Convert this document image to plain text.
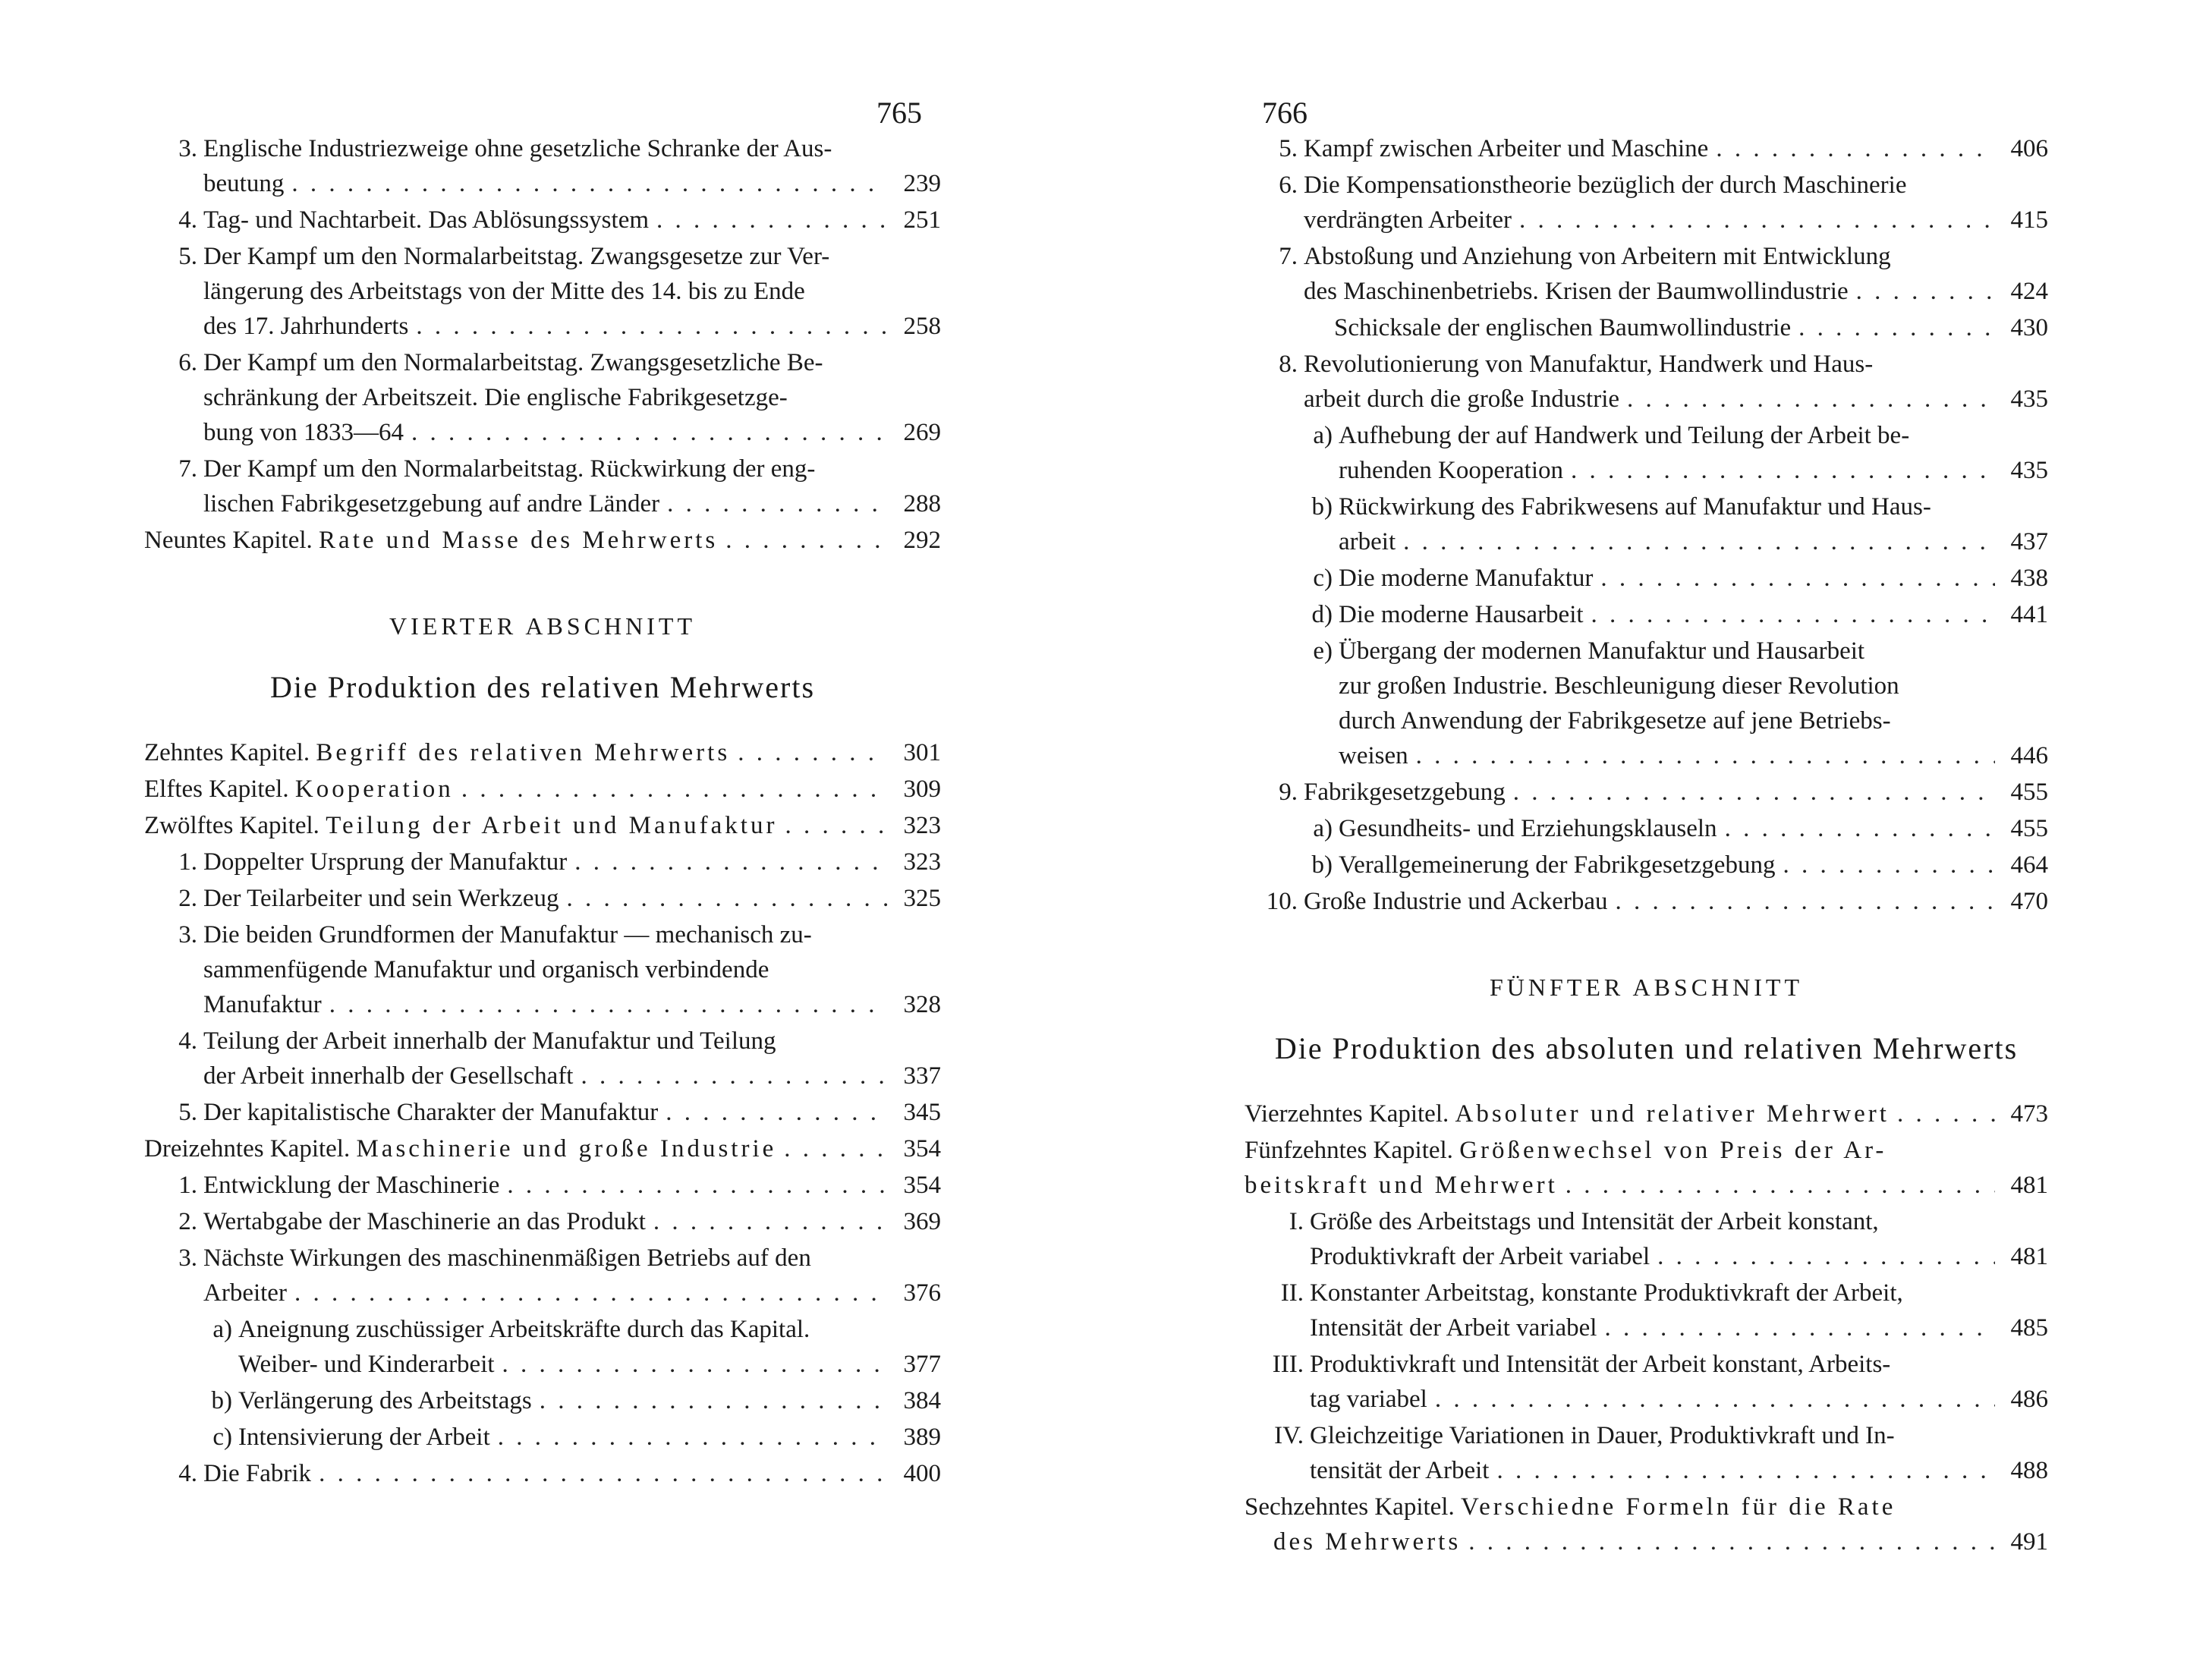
765
3. Englische Industriezweige ohne gesetzliche Schranke der Aus-
beutung . . .	239
4. Tag- und Nachtarbeit. Das Ablösungssystem . . .	251
5. Der Kampf um den Normalarbeitstag. Zwangsgesetze zur Ver-
längerung des Arbeitstags von der Mitte des 14. bis zu Ende
des 17. Jahrhunderts . . .	258
6. Der Kampf um den Normalarbeitstag. Zwangsgesetzliche Be-
schränkung der Arbeitszeit. Die englische Fabrikgesetzge-
bung von 1833—64 . . .	269
7. Der Kampf um den Normalarbeitstag. Rückwirkung der eng-
lischen Fabrikgesetzgebung auf andre Länder . . .	288
Neuntes Kapitel.
Rate und Masse des Mehrwerts . . .	292
VIERTER ABSCHNITT
Die Produktion des relativen Mehrwerts
Zehntes Kapitel.
Begriff des relativen Mehrwerts . . .	301
Elftes Kapitel.
Kooperation . . .	309
Zwölftes Kapitel.
Teilung der Arbeit und Manufaktur . . .	323
1. Doppelter Ursprung der Manufaktur . . .	323
2. Der Teilarbeiter und sein Werkzeug . . .	325
3. Die beiden Grundformen der Manufaktur — mechanisch zu-
sammenfügende Manufaktur und organisch verbindende
Manufaktur . . .	328
4. Teilung der Arbeit innerhalb der Manufaktur und Teilung
der Arbeit innerhalb der Gesellschaft . . .	337
5. Der kapitalistische Charakter der Manufaktur . . .	345
Dreizehntes Kapitel.
Maschinerie und große Industrie . . .	354
1. Entwicklung der Maschinerie . . .	354
2. Wertabgabe der Maschinerie an das Produkt . . .	369
3. Nächste Wirkungen des maschinenmäßigen Betriebs auf den
Arbeiter . . .	376
a) Aneignung zuschüssiger Arbeitskräfte durch das Kapital.
Weiber- und Kinderarbeit . . .	377
b) Verlängerung des Arbeitstags . . .	384
c) Intensivierung der Arbeit . . .	389
4. Die Fabrik . . .	400
766
5. Kampf zwischen Arbeiter und Maschine . . .	406
6. Die Kompensationstheorie bezüglich der durch Maschinerie
verdrängten Arbeiter . . .	415
7. Abstoßung und Anziehung von Arbeitern mit Entwicklung
des Maschinenbetriebs. Krisen der Baumwollindustrie . . .	424
Schicksale der englischen Baumwollindustrie . . .	430
8. Revolutionierung von Manufaktur, Handwerk und Haus-
arbeit durch die große Industrie . . .	435
a) Aufhebung der auf Handwerk und Teilung der Arbeit be-
ruhenden Kooperation . . .	435
b) Rückwirkung des Fabrikwesens auf Manufaktur und Haus-
arbeit . . .	437
c) Die moderne Manufaktur . . .	438
d) Die moderne Hausarbeit . . .	441
e) Übergang der modernen Manufaktur und Hausarbeit
zur großen Industrie. Beschleunigung dieser Revolution
durch Anwendung der Fabrikgesetze auf jene Betriebs-
weisen . . .	446
9. Fabrikgesetzgebung . . .	455
a) Gesundheits- und Erziehungsklauseln . . .	455
b) Verallgemeinerung der Fabrikgesetzgebung . . .	464
10. Große Industrie und Ackerbau . . .	470
FÜNFTER ABSCHNITT
Die Produktion des absoluten und relativen Mehrwerts
Vierzehntes Kapitel.
Absoluter und relativer Mehrwert . . .	473
Fünfzehntes Kapitel.
Größenwechsel von Preis der Ar-
beitskraft und Mehrwert . . .	481
I. Größe des Arbeitstags und Intensität der Arbeit konstant,
Produktivkraft der Arbeit variabel . . .	481
II. Konstanter Arbeitstag, konstante Produktivkraft der Arbeit,
Intensität der Arbeit variabel . . .	485
III. Produktivkraft und Intensität der Arbeit konstant, Arbeits-
tag variabel . . .	486
IV. Gleichzeitige Variationen in Dauer, Produktivkraft und In-
tensität der Arbeit . . .	488
Sechzehntes Kapitel.
Verschiedne Formeln für die Rate
des Mehrwerts . . .	491
